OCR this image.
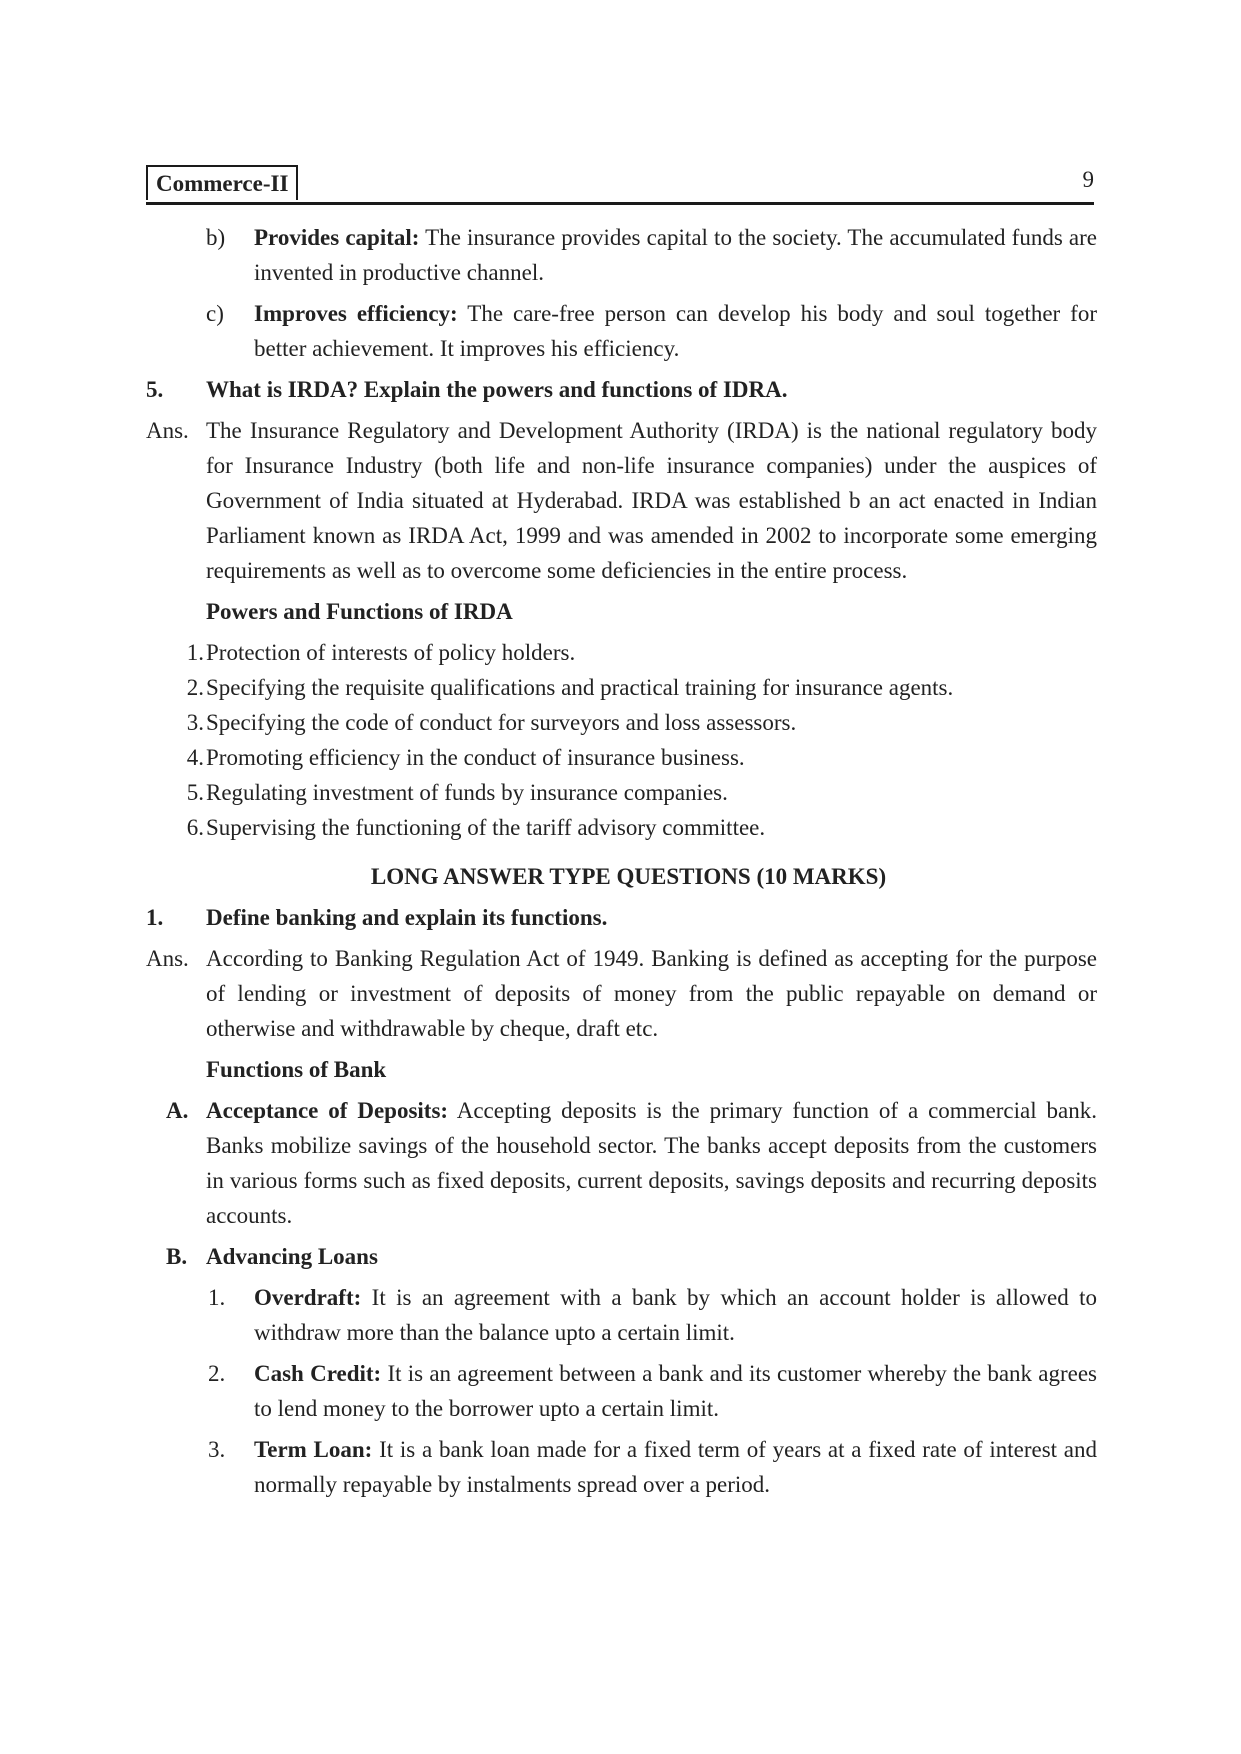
Commerce-II	9
b) Provides capital: The insurance provides capital to the society. The accumulated funds are invented in productive channel.
c) Improves efficiency: The care-free person can develop his body and soul together for better achievement. It improves his efficiency.
5. What is IRDA? Explain the powers and functions of IDRA.
Ans. The Insurance Regulatory and Development Authority (IRDA) is the national regulatory body for Insurance Industry (both life and non-life insurance companies) under the auspices of Government of India situated at Hyderabad. IRDA was established b an act enacted in Indian Parliament known as IRDA Act, 1999 and was amended in 2002 to incorporate some emerging requirements as well as to overcome some deficiencies in the entire process.
Powers and Functions of IRDA
1. Protection of interests of policy holders.
2. Specifying the requisite qualifications and practical training for insurance agents.
3. Specifying the code of conduct for surveyors and loss assessors.
4. Promoting efficiency in the conduct of insurance business.
5. Regulating investment of funds by insurance companies.
6. Supervising the functioning of the tariff advisory committee.
LONG ANSWER TYPE QUESTIONS (10 MARKS)
1. Define banking and explain its functions.
Ans. According to Banking Regulation Act of 1949. Banking is defined as accepting for the purpose of lending or investment of deposits of money from the public repayable on demand or otherwise and withdrawable by cheque, draft etc.
Functions of Bank
A. Acceptance of Deposits: Accepting deposits is the primary function of a commercial bank. Banks mobilize savings of the household sector. The banks accept deposits from the customers in various forms such as fixed deposits, current deposits, savings deposits and recurring deposits accounts.
B. Advancing Loans
1. Overdraft: It is an agreement with a bank by which an account holder is allowed to withdraw more than the balance upto a certain limit.
2. Cash Credit: It is an agreement between a bank and its customer whereby the bank agrees to lend money to the borrower upto a certain limit.
3. Term Loan: It is a bank loan made for a fixed term of years at a fixed rate of interest and normally repayable by instalments spread over a period.
